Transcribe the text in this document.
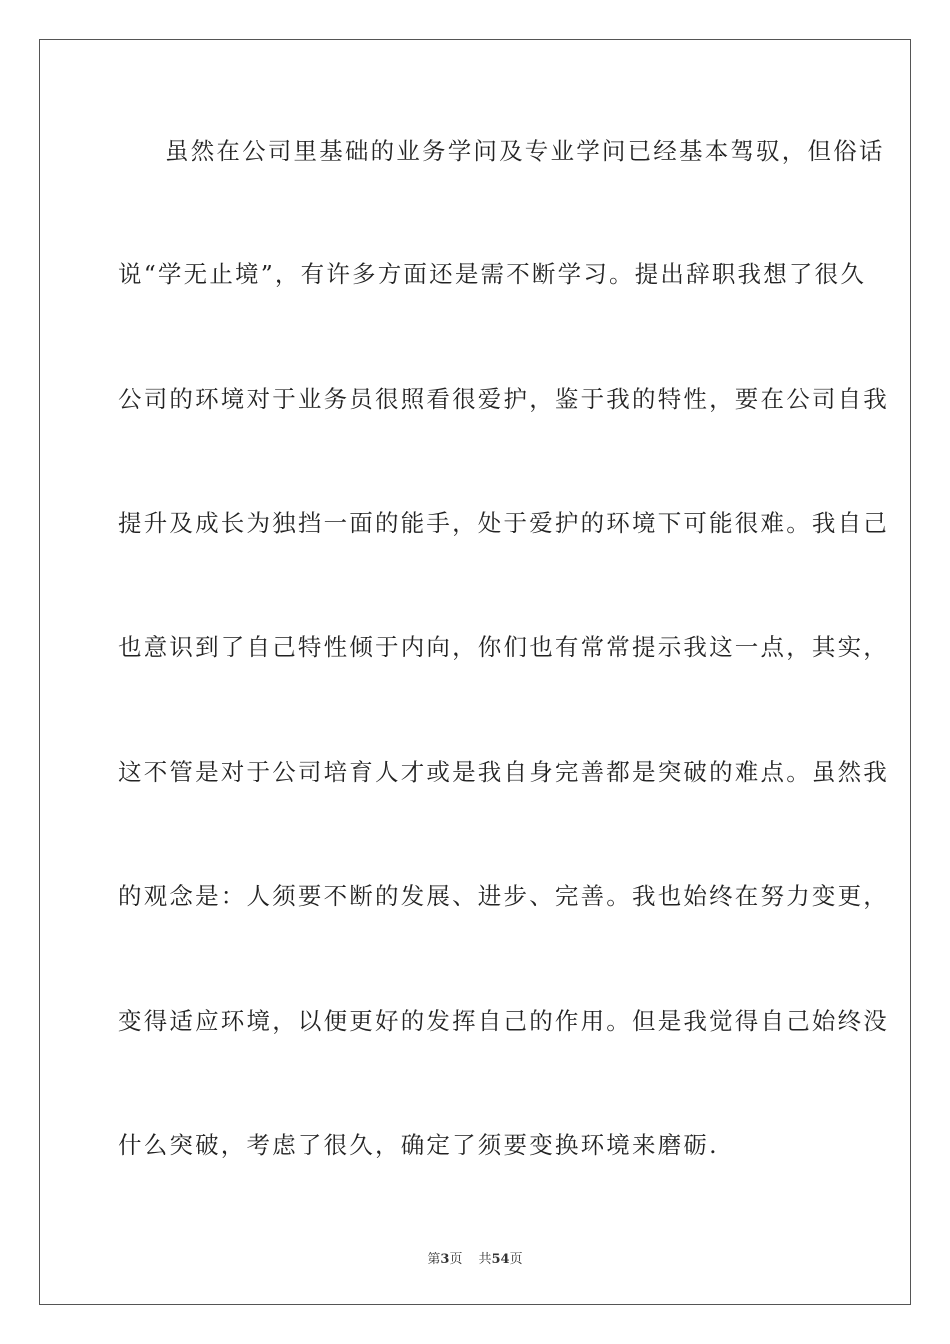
虽然在公司里基础的业务学问及专业学问已经基本驾驭，但俗话
说“学无止境”，有许多方面还是需不断学习。提出辞职我想了很久
公司的环境对于业务员很照看很爱护，鉴于我的特性，要在公司自我
提升及成长为独挡一面的能手，处于爱护的环境下可能很难。我自己
也意识到了自己特性倾于内向，你们也有常常提示我这一点，其实，
这不管是对于公司培育人才或是我自身完善都是突破的难点。虽然我
的观念是：人须要不断的发展、进步、完善。我也始终在努力变更，
变得适应环境，以便更好的发挥自己的作用。但是我觉得自己始终没
什么突破，考虑了很久，确定了须要变换环境来磨砺.
第3页 共54页
